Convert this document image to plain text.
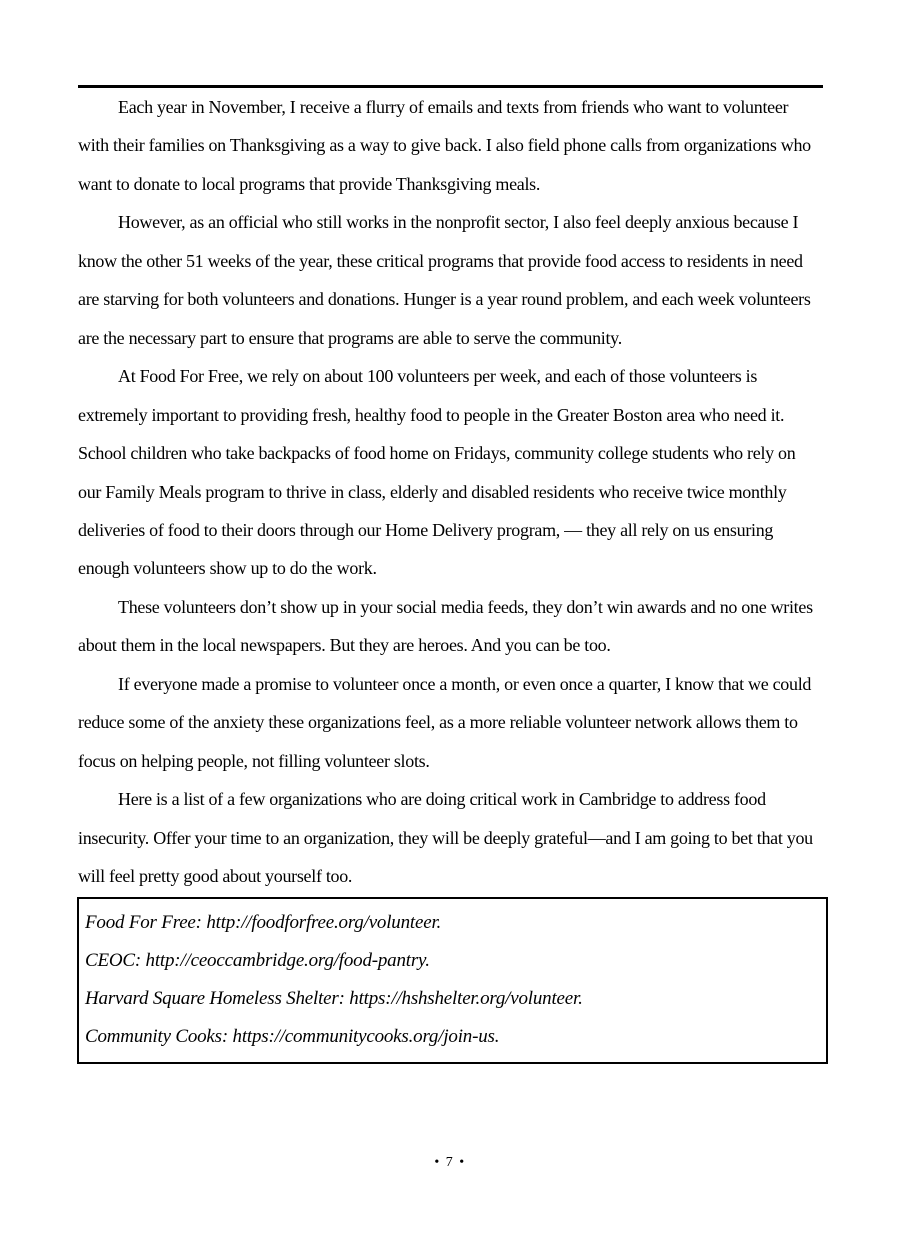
Each year in November, I receive a flurry of emails and texts from friends who want to volunteer with their families on Thanksgiving as a way to give back. I also field phone calls from organizations who want to donate to local programs that provide Thanksgiving meals.

However, as an official who still works in the nonprofit sector, I also feel deeply anxious because I know the other 51 weeks of the year, these critical programs that provide food access to residents in need are starving for both volunteers and donations. Hunger is a year round problem, and each week volunteers are the necessary part to ensure that programs are able to serve the community.

At Food For Free, we rely on about 100 volunteers per week, and each of those volunteers is extremely important to providing fresh, healthy food to people in the Greater Boston area who need it. School children who take backpacks of food home on Fridays, community college students who rely on our Family Meals program to thrive in class, elderly and disabled residents who receive twice monthly deliveries of food to their doors through our Home Delivery program, — they all rely on us ensuring enough volunteers show up to do the work.

These volunteers don’t show up in your social media feeds, they don’t win awards and no one writes about them in the local newspapers. But they are heroes. And you can be too.

If everyone made a promise to volunteer once a month, or even once a quarter, I know that we could reduce some of the anxiety these organizations feel, as a more reliable volunteer network allows them to focus on helping people, not filling volunteer slots.

Here is a list of a few organizations who are doing critical work in Cambridge to address food insecurity. Offer your time to an organization, they will be deeply grateful—and I am going to bet that you will feel pretty good about yourself too.

Food For Free: http://foodforfree.org/volunteer.

CEOC: http://ceoccambridge.org/food-pantry.

Harvard Square Homeless Shelter: https://hshshelter.org/volunteer.

Community Cooks: https://communitycooks.org/join-us.

• 7 •
